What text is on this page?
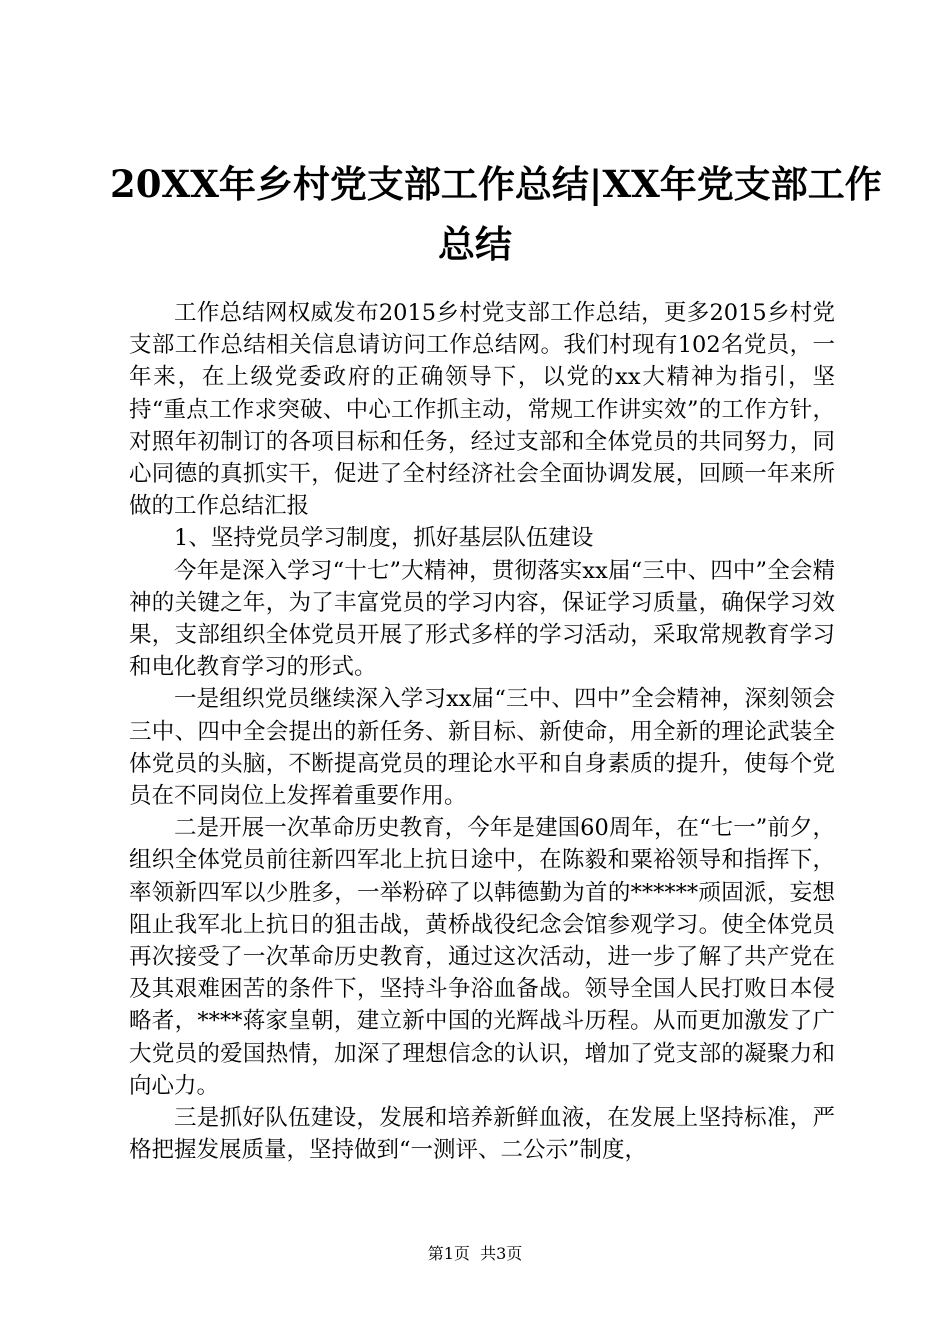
20XX年乡村党支部工作总结|XX年党支部工作
总结

工作总结网权威发布2015乡村党支部工作总结，更多2015乡村党支部工作总结相关信息请访问工作总结网。我们村现有102名党员，一年来，在上级党委政府的正确领导下，以党的xx大精神为指引，坚持“重点工作求突破、中心工作抓主动，常规工作讲实效”的工作方针，对照年初制订的各项目标和任务，经过支部和全体党员的共同努力，同心同德的真抓实干，促进了全村经济社会全面协调发展，回顾一年来所做的工作总结汇报

1、坚持党员学习制度，抓好基层队伍建设

今年是深入学习“十七”大精神，贯彻落实xx届“三中、四中”全会精神的关键之年，为了丰富党员的学习内容，保证学习质量，确保学习效果，支部组织全体党员开展了形式多样的学习活动，采取常规教育学习和电化教育学习的形式。

一是组织党员继续深入学习xx届“三中、四中”全会精神，深刻领会三中、四中全会提出的新任务、新目标、新使命，用全新的理论武装全体党员的头脑，不断提高党员的理论水平和自身素质的提升，使每个党员在不同岗位上发挥着重要作用。

二是开展一次革命历史教育，今年是建国60周年，在“七一”前夕，组织全体党员前往新四军北上抗日途中，在陈毅和粟裕领导和指挥下，率领新四军以少胜多，一举粉碎了以韩德勤为首的******顽固派，妄想阻止我军北上抗日的狙击战，黄桥战役纪念会馆参观学习。使全体党员再次接受了一次革命历史教育，通过这次活动，进一步了解了共产党在及其艰难困苦的条件下，坚持斗争浴血备战。领导全国人民打败日本侵略者，****蒋家皇朝，建立新中国的光辉战斗历程。从而更加激发了广大党员的爱国热情，加深了理想信念的认识，增加了党支部的凝聚力和向心力。

三是抓好队伍建设，发展和培养新鲜血液，在发展上坚持标准，严格把握发展质量，坚持做到“一测评、二公示”制度，

第1页  共3页
